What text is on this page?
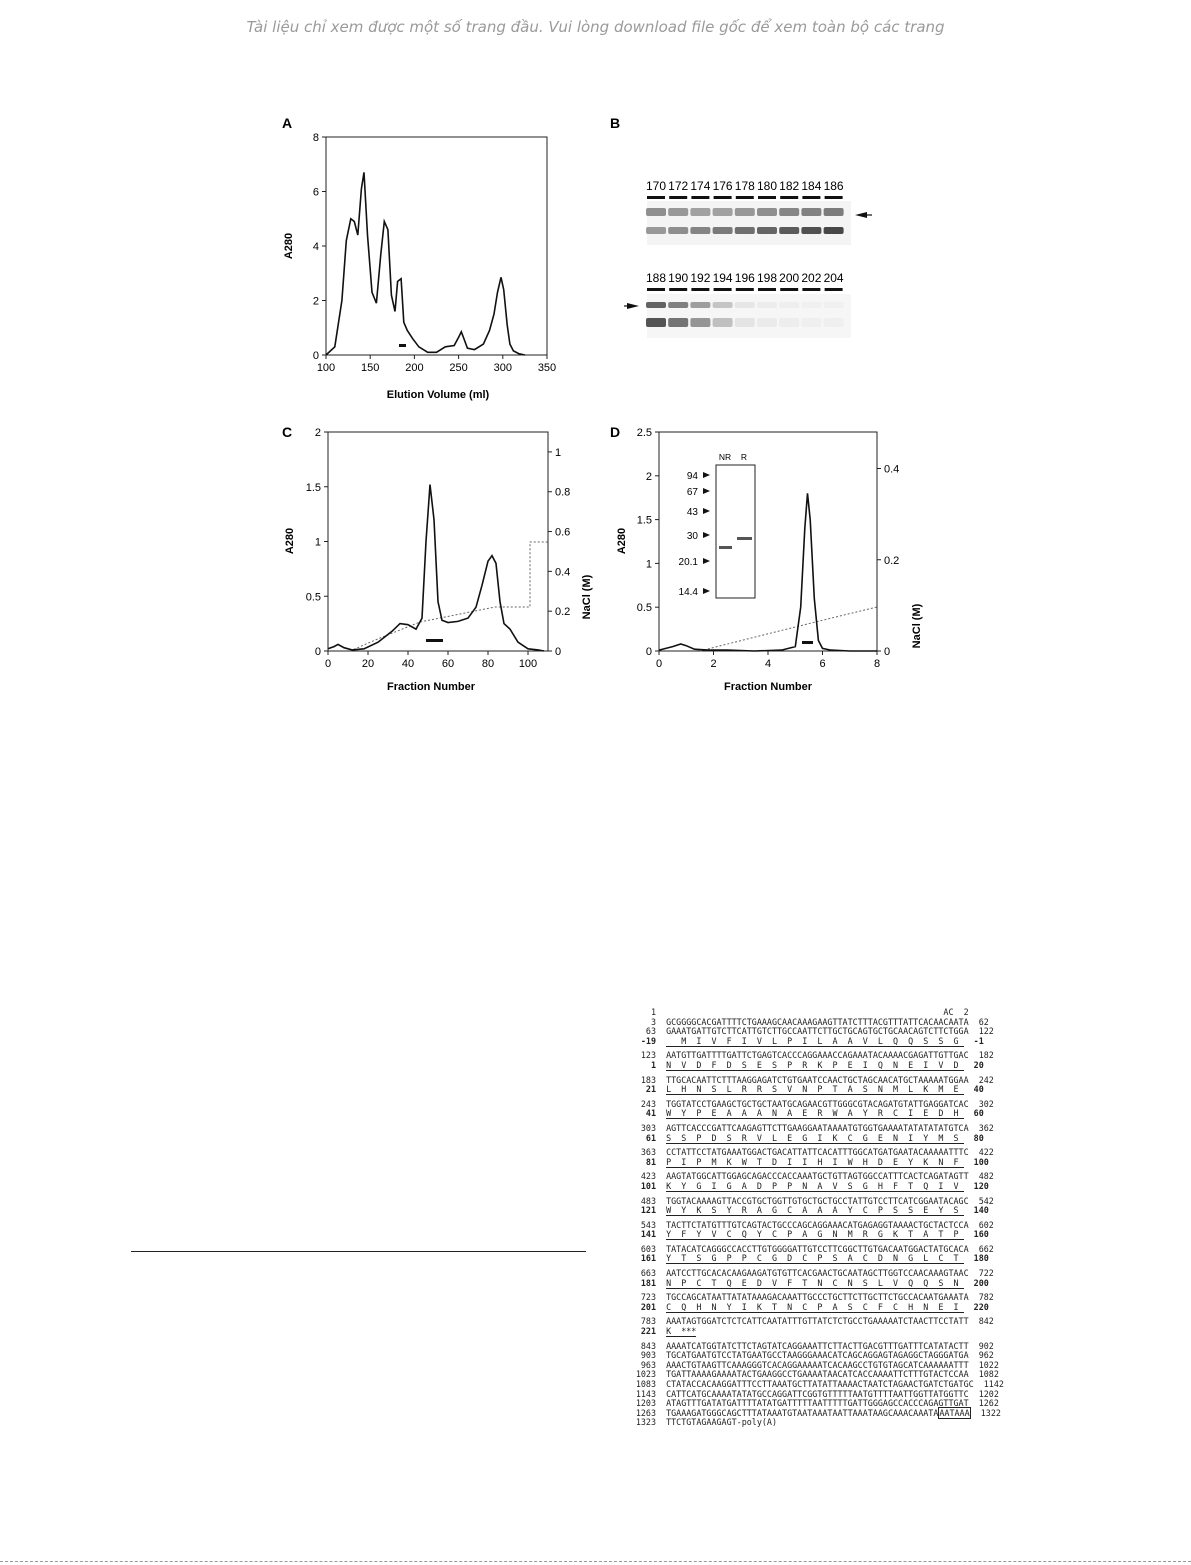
Tài liệu chỉ xem được một số trang đầu. Vui lòng download file gốc để xem toàn bộ các trang
A
A280
Elution Volume (ml)
100 150 200 250 300 350
0
2
4
6
8
B
170 172 174 176 178 180 182 184 186
188 190 192 194 196 198 200 202 204
C
A280
NaCl (M)
Fraction Number
0	20	40	60	80 100
0
0.5
1
1.5
2
0
0.2
0.4
0.6
0.8
1
D
A280
NaCl (M)
Fraction Number
0	2	4	6	8
0
0.5
1
1.5
2
2.5
0
0.2
0.4
NR R
94
67
43
30
20.1
14.4
1                                                         AC  2
3  GCGGGGCACGATTTTCTGAAAGCAACAAAGAAGTTATCTTTACGTTTATTCACAACAATA  62
63  GAAATGATTGTCTTCATTGTCTTGCCAATTCTTGCTGCAGTGCTGCAACAGTCTTCTGGA  122
-19     M  I  V  F  I  V  L  P  I  L  A  A  V  L  Q  Q  S  S  G   -1
123  AATGTTGATTTTGATTCTGAGTCACCCAGGAAACCAGAAATACAAAACGAGATTGTTGAC  182
1 N  V  D  F  D  S  E  S  P  R  K  P  E  I  Q  N  E  I  V  D   20
183  TTGCACAATTCTTTAAGGAGATCTGTGAATCCAACTGCTAGCAACATGCTAAAAATGGAA  242
21 L  H  N  S  L  R  R  S  V  N  P  T  A  S  N  M  L  K  M  E   40
243  TGGTATCCTGAAGCTGCTGCTAATGCAGAACGTTGGGCGTACAGATGTATTGAGGATCAC  302
41 W  Y  P  E  A  A  A  N  A  E  R  W  A  Y  R  C  I  E  D  H   60
303  AGTTCACCCGATTCAAGAGTTCTTGAAGGAATAAAATGTGGTGAAAATATATATATGTCA  362
61 S  S  P  D  S  R  V  L  E  G  I  K  C  G  E  N  I  Y  M  S   80
363  CCTATTCCTATGAAATGGACTGACATTATTCACATTTGGCATGATGAATACAAAAATTTC  422
81 P  I  P  M  K  W  T  D  I  I  H  I  W  H  D  E  Y  K  N  F   100
423  AAGTATGGCATTGGAGCAGACCCACCAAATGCTGTTAGTGGCCATTTCACTCAGATAGTT  482
101 K  Y  G  I  G  A  D  P  P  N  A  V  S  G  H  F  T  Q  I  V   120
483  TGGTACAAAAGTTACCGTGCTGGTTGTGCTGCTGCCTATTGTCCTTCATCGGAATACAGC  542
121 W  Y  K  S  Y  R  A  G  C  A  A  A  Y  C  P  S  S  E  Y  S   140
543  TACTTCTATGTTTGTCAGTACTGCCCAGCAGGAAACATGAGAGGTAAAACTGCTACTCCA  602
141 Y  F  Y  V  C  Q  Y  C  P  A  G  N  M  R  G  K  T  A  T  P   160
603  TATACATCAGGGCCACCTTGTGGGGATTGTCCTTCGGCTTGTGACAATGGACTATGCACA  662
161 Y  T  S  G  P  P  C  G  D  C  P  S  A  C  D  N  G  L  C  T   180
663  AATCCTTGCACACAAGAAGATGTGTTCACGAACTGCAATAGCTTGGTCCAACAAAGTAAC  722
181 N  P  C  T  Q  E  D  V  F  T  N  C  N  S  L  V  Q  Q  S  N   200
723  TGCCAGCATAATTATATAAAGACAAATTGCCCTGCTTCTTGCTTCTGCCACAATGAAATA  782
201 C  Q  H  N  Y  I  K  T  N  C  P  A  S  C  F  C  H  N  E  I   220
783  AAATAGTGGATCTCTCATTCAATATTTGTTATCTCTGCCTGAAAAATCTAACTTCCTATT  842
221 K  ***
843  AAAATCATGGTATCTTCTAGTATCAGGAAATTCTTACTTGACGTTTGATTTCATATACTT  902
903  TGCATGAATGTCCTATGAATGCCTAAGGGAAACATCAGCAGGAGTAGAGGCTAGGGATGA  962
963  AAACTGTAAGTTCAAAGGGTCACAGGAAAAATCACAAGCCTGTGTAGCATCAAAAAATTT  1022
1023  TGATTAAAAGAAAATACTGAAGGCCTGAAAATAACATCACCAAAATTCTTTGTACTCCAA  1082
1083  CTATACCACAAGGATTTCCTTAAATGCTTATATTAAAACTAATCTAGAACTGATCTGATGC  1142
1143  CATTCATGCAAAATATATGCCAGGATTCGGTGTTTTTAATGTTTTAATTGGTTATGGTTC  1202
1203  ATAGTTTGATATGATTTTATATGATTTTTAATTTTTGATTGGGAGCCACCCAGAGTTGAT  1262
1263  TGAAAGATGGGCAGCTTTATAAATGTAATAAATAATTAAATAAGCAAACAAATAAATAAA 1322
1323  TTCTGTAGAAGAGT-poly(A)
